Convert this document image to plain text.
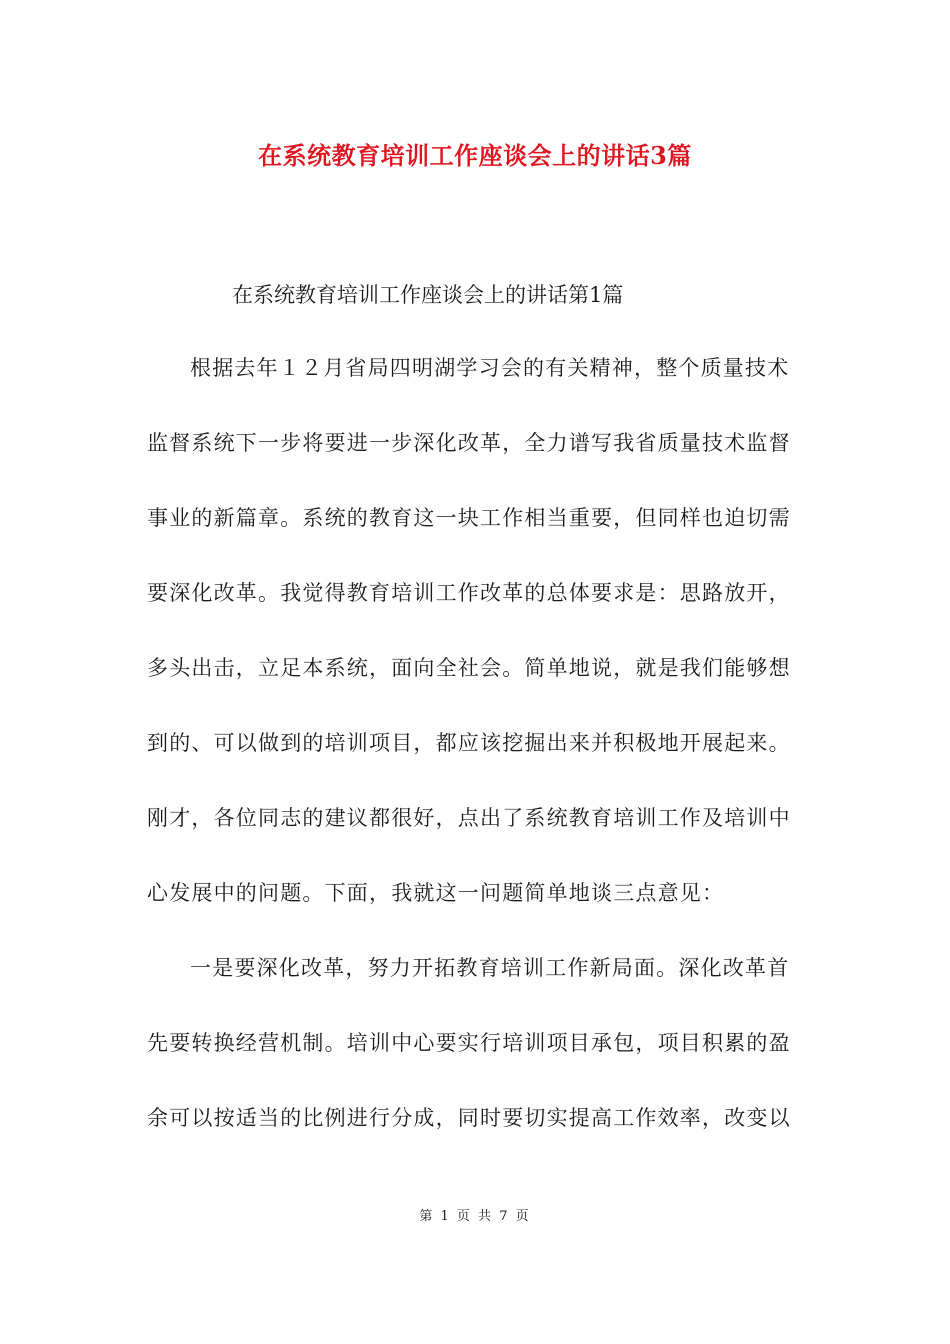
在系统教育培训工作座谈会上的讲话3篇
在系统教育培训工作座谈会上的讲话第1篇
根据去年１２月省局四明湖学习会的有关精神，整个质量技术
监督系统下一步将要进一步深化改革，全力谱写我省质量技术监督
事业的新篇章。系统的教育这一块工作相当重要，但同样也迫切需
要深化改革。我觉得教育培训工作改革的总体要求是：思路放开，
多头出击，立足本系统，面向全社会。简单地说，就是我们能够想
到的、可以做到的培训项目，都应该挖掘出来并积极地开展起来。
刚才，各位同志的建议都很好，点出了系统教育培训工作及培训中
心发展中的问题。下面，我就这一问题简单地谈三点意见：
一是要深化改革，努力开拓教育培训工作新局面。深化改革首
先要转换经营机制。培训中心要实行培训项目承包，项目积累的盈
余可以按适当的比例进行分成，同时要切实提高工作效率，改变以
第 1 页 共 7 页
